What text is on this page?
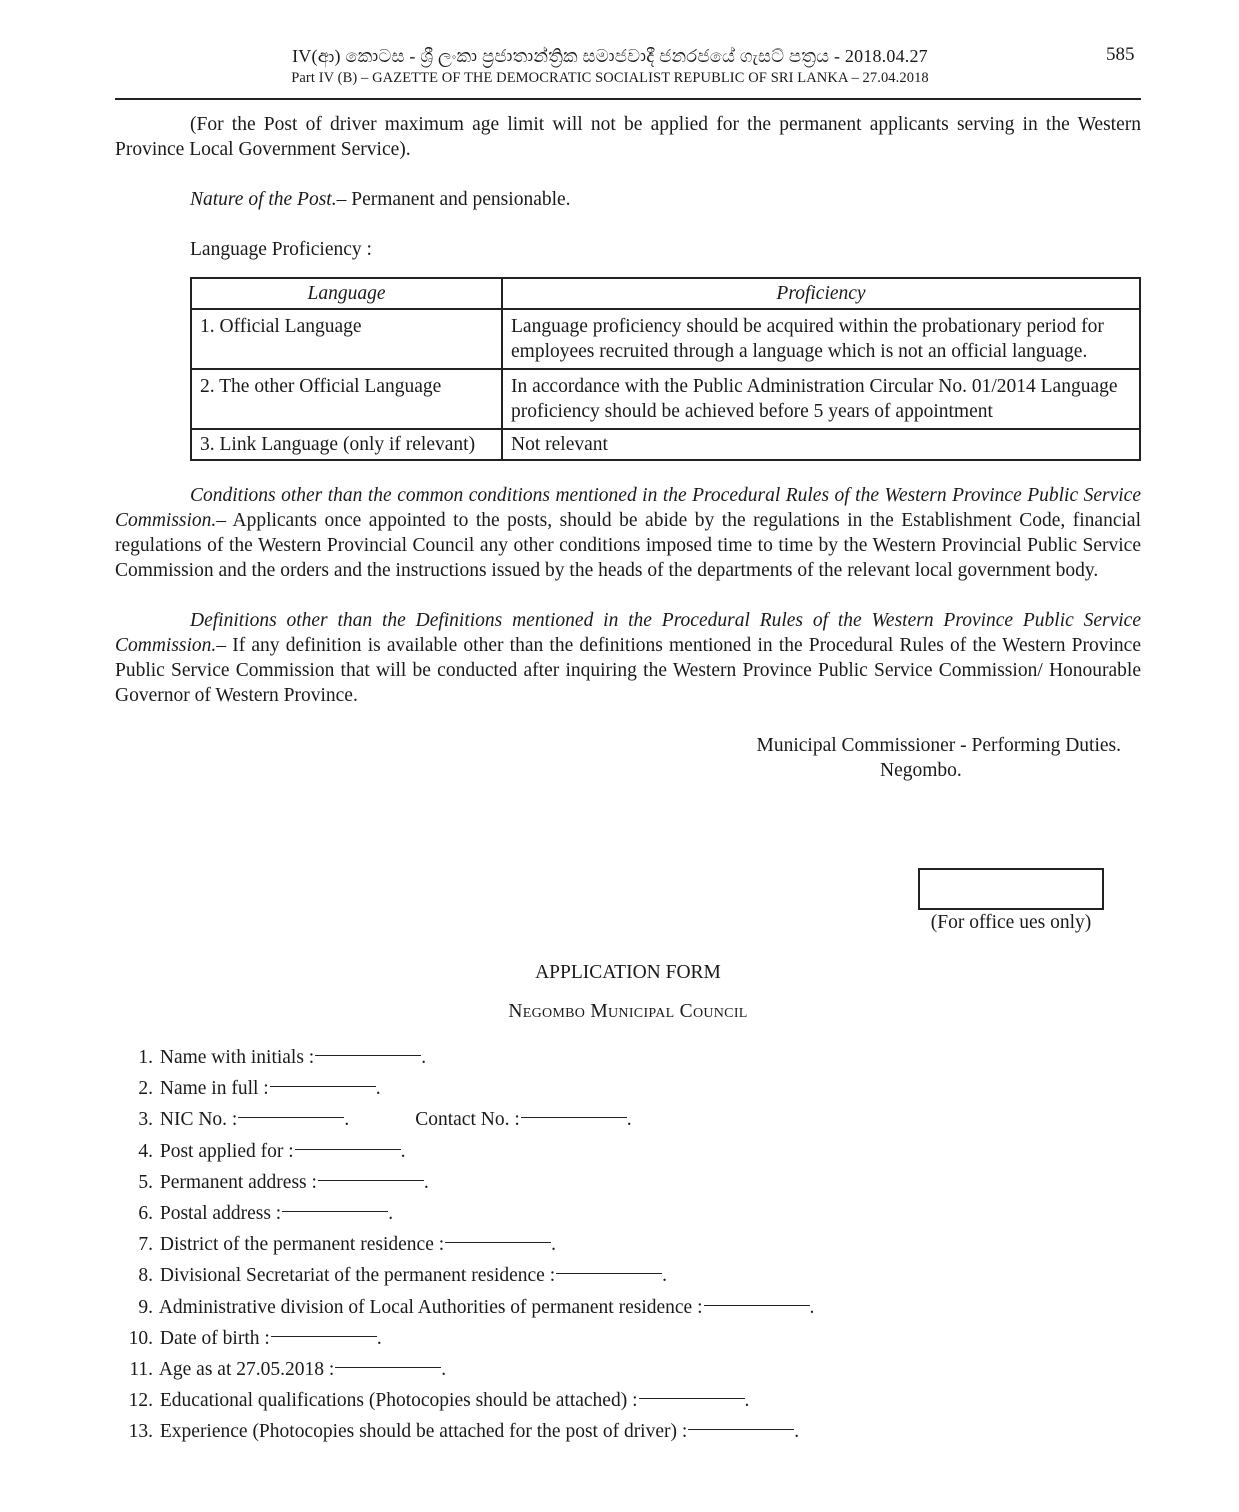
IV(ආ) කොටස - ශ්‍රී ලංකා ප්‍රජාතාන්ත්‍රික සමාජවාදී ජනරජයේ ගැසට් පත්‍රය - 2018.04.27
Part IV (B) – GAZETTE OF THE DEMOCRATIC SOCIALIST REPUBLIC OF SRI LANKA – 27.04.2018
585

(For the Post of driver maximum age limit will not be applied for the permanent applicants serving in the Western Province Local Government Service).

Nature of the Post.– Permanent and pensionable.

Language Proficiency :

Language	Proficiency
1. Official Language	Language proficiency should be acquired within the probationary period for employees recruited through a language which is not an official language.
2. The other Official Language	In accordance with the Public Administration Circular No. 01/2014 Language proficiency should be achieved before 5 years of appointment
3. Link Language (only if relevant)	Not relevant

Conditions other than the common conditions mentioned in the Procedural Rules of the Western Province Public Service Commission.– Applicants once appointed to the posts, should be abide by the regulations in the Establishment Code, financial regulations of the Western Provincial Council any other conditions imposed time to time by the Western Provincial Public Service Commission and the orders and the instructions issued by the heads of the departments of the relevant local government body.

Definitions other than the Definitions mentioned in the Procedural Rules of the Western Province Public Service Commission.– If any definition is available other than the definitions mentioned in the Procedural Rules of the Western Province Public Service Commission that will be conducted after inquiring the Western Province Public Service Commission/ Honourable Governor of Western Province.

Municipal Commissioner - Performing Duties.

Negombo.

(For office ues only)
APPLICATION FORM
Negombo Municipal Council
1. Name with initials :	.
2. Name in full :	.
3. NIC No. :	.	Contact No. :	.
4. Post applied for :	.
5. Permanent address :	.
6. Postal address :	.
7. District of the permanent residence :	.
8. Divisional Secretariat of the permanent residence :	.
9. Administrative division of Local Authorities of permanent residence :	.
10. Date of birth :	.
11. Age as at 27.05.2018 :	.
12. Educational qualifications (Photocopies should be attached) :	.
13. Experience (Photocopies should be attached for the post of driver) :	.
